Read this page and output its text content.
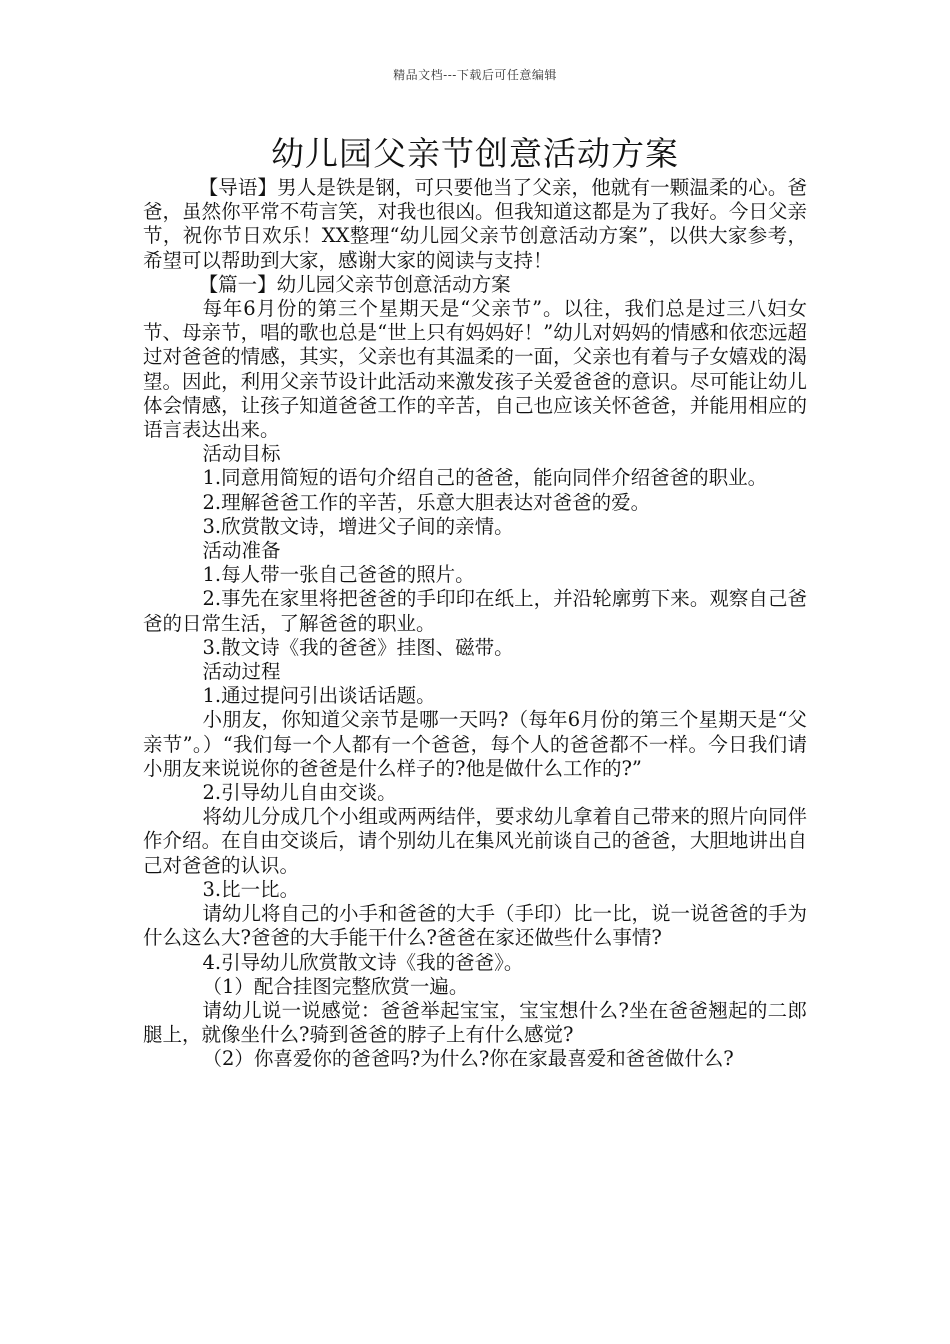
精品文档---下载后可任意编辑
幼儿园父亲节创意活动方案

【导语】男人是铁是钢，可只要他当了父亲，他就有一颗温柔的心。爸爸，虽然你平常不苟言笑，对我也很凶。但我知道这都是为了我好。今日父亲节，祝你节日欢乐！XX整理“幼儿园父亲节创意活动方案”，以供大家参考，希望可以帮助到大家，感谢大家的阅读与支持！

【篇一】幼儿园父亲节创意活动方案

每年6月份的第三个星期天是“父亲节”。以往，我们总是过三八妇女节、母亲节，唱的歌也总是“世上只有妈妈好！”幼儿对妈妈的情感和依恋远超过对爸爸的情感，其实，父亲也有其温柔的一面，父亲也有着与子女嬉戏的渴望。因此，利用父亲节设计此活动来激发孩子关爱爸爸的意识。尽可能让幼儿体会情感，让孩子知道爸爸工作的辛苦，自己也应该关怀爸爸，并能用相应的语言表达出来。

活动目标

1.同意用简短的语句介绍自己的爸爸，能向同伴介绍爸爸的职业。

2.理解爸爸工作的辛苦，乐意大胆表达对爸爸的爱。

3.欣赏散文诗，增进父子间的亲情。

活动准备

1.每人带一张自己爸爸的照片。

2.事先在家里将把爸爸的手印印在纸上，并沿轮廓剪下来。观察自己爸爸的日常生活，了解爸爸的职业。

3.散文诗《我的爸爸》挂图、磁带。

活动过程

1.通过提问引出谈话话题。

小朋友，你知道父亲节是哪一天吗?（每年6月份的第三个星期天是“父亲节”。）“我们每一个人都有一个爸爸，每个人的爸爸都不一样。今日我们请小朋友来说说你的爸爸是什么样子的?他是做什么工作的?”

2.引导幼儿自由交谈。

将幼儿分成几个小组或两两结伴，要求幼儿拿着自己带来的照片向同伴作介绍。在自由交谈后，请个别幼儿在集风光前谈自己的爸爸，大胆地讲出自己对爸爸的认识。

3.比一比。

请幼儿将自己的小手和爸爸的大手（手印）比一比，说一说爸爸的手为什么这么大?爸爸的大手能干什么?爸爸在家还做些什么事情?

4.引导幼儿欣赏散文诗《我的爸爸》。

（1）配合挂图完整欣赏一遍。

请幼儿说一说感觉：爸爸举起宝宝，宝宝想什么?坐在爸爸翘起的二郎腿上，就像坐什么?骑到爸爸的脖子上有什么感觉?

（2）你喜爱你的爸爸吗?为什么?你在家最喜爱和爸爸做什么?
